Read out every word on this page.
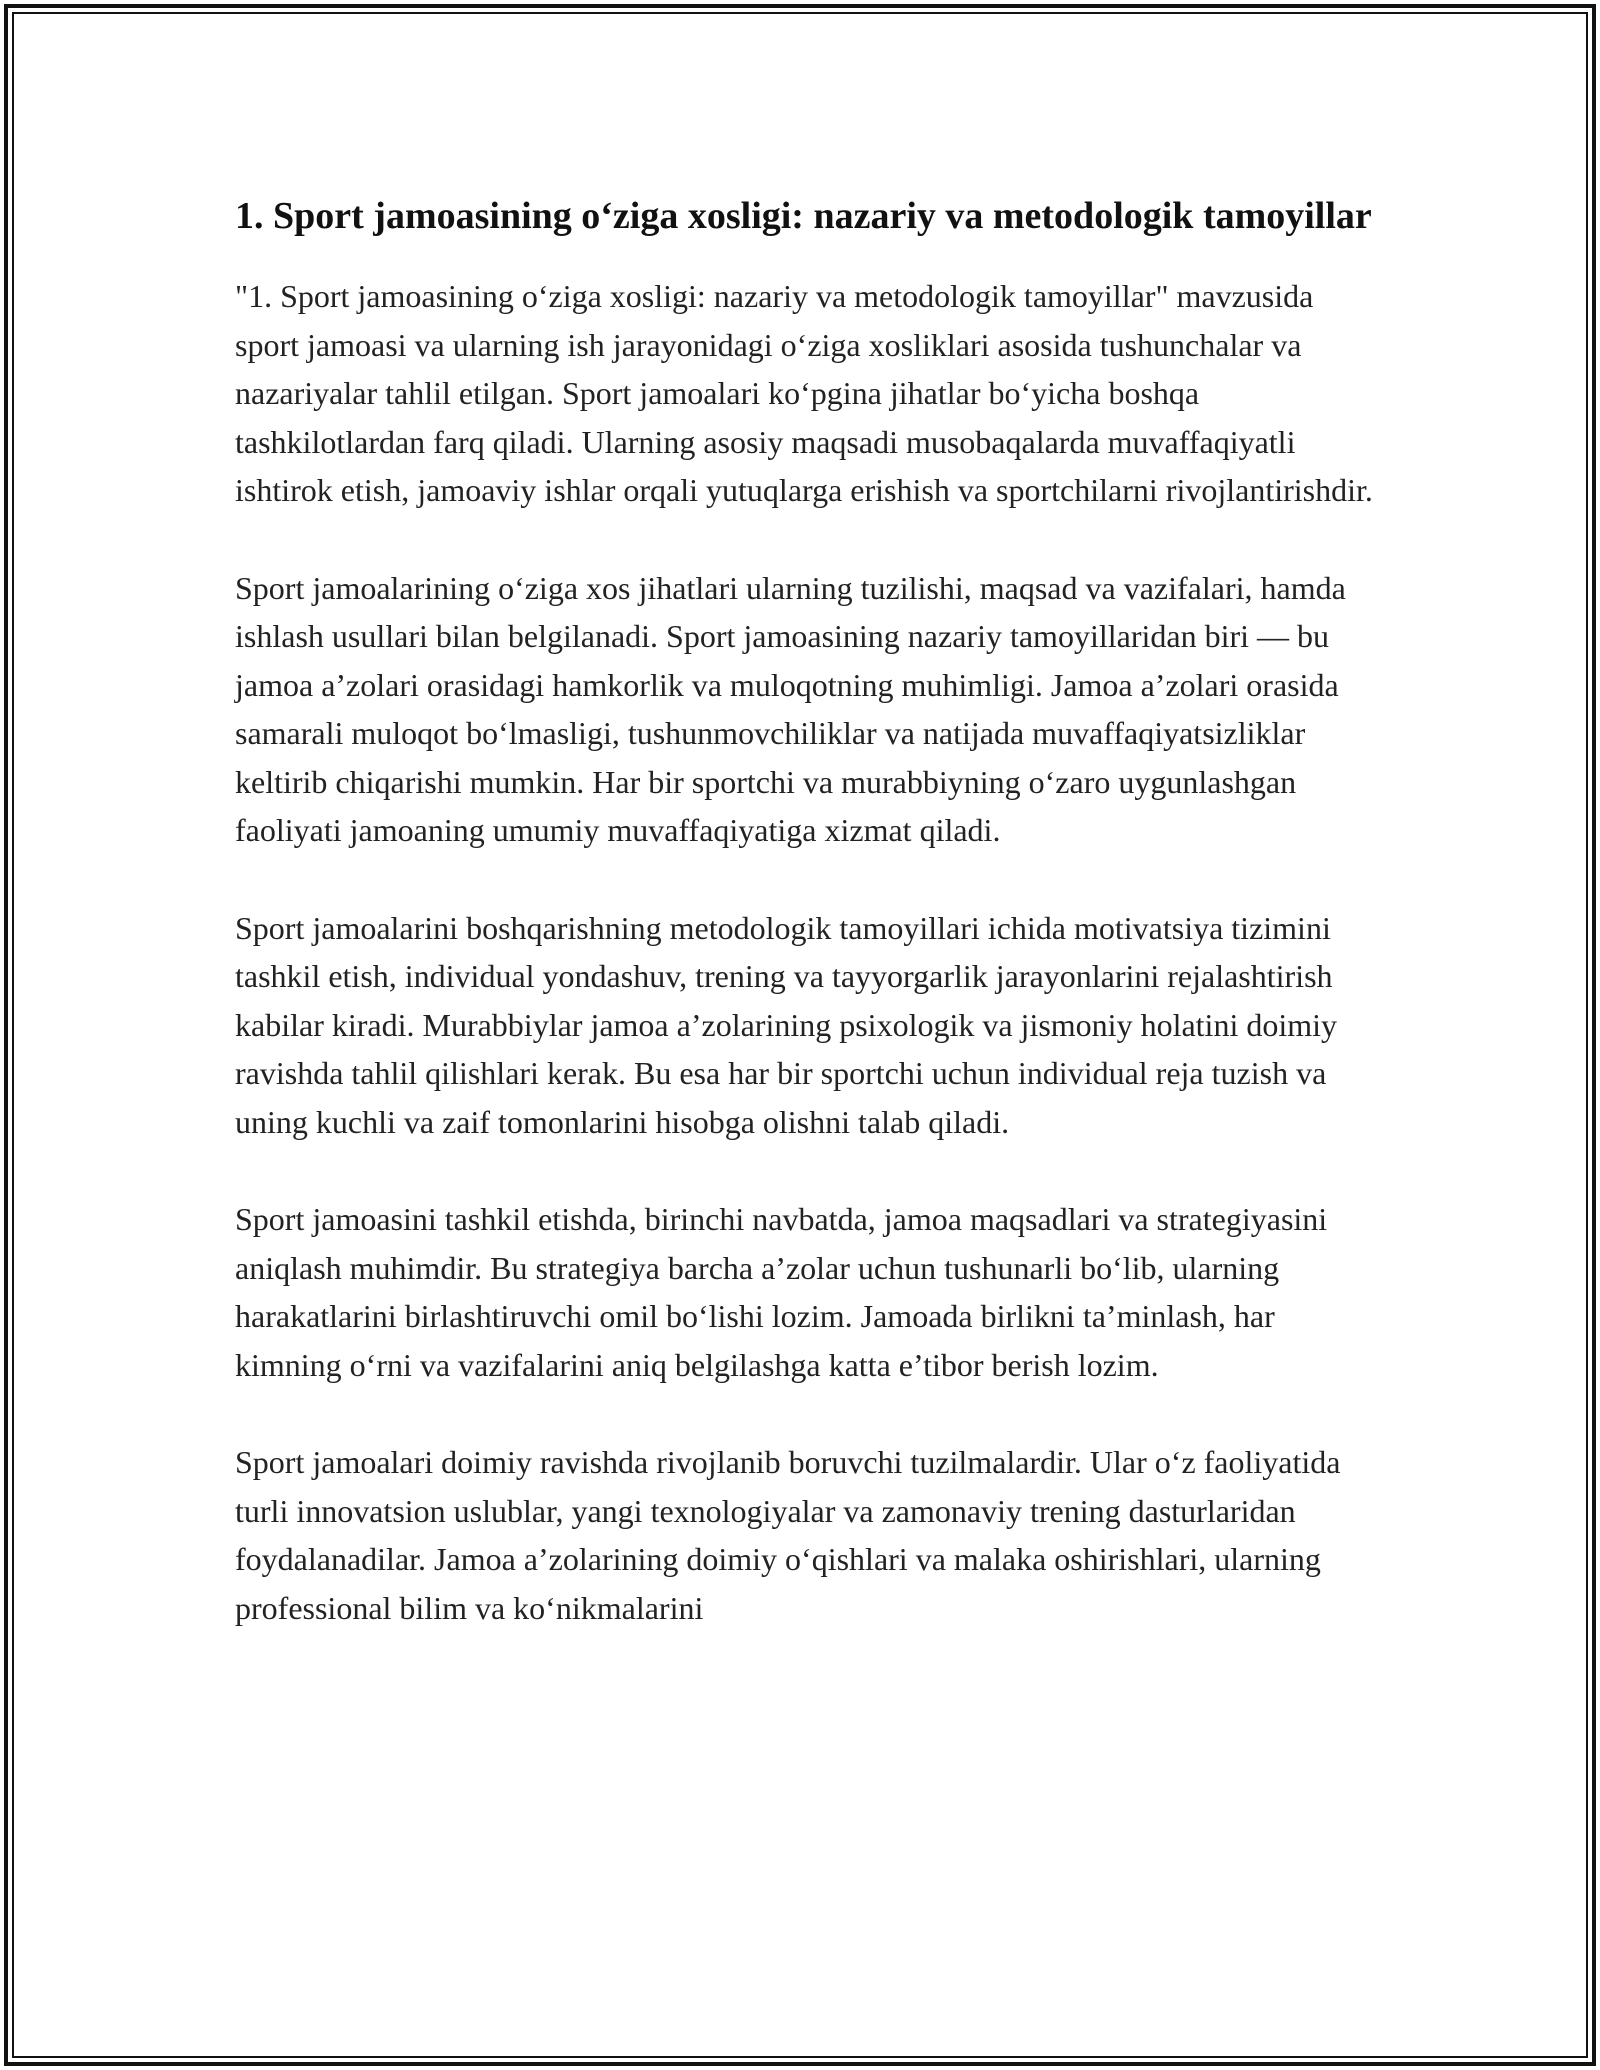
1. Sport jamoasining o‘ziga xosligi: nazariy va metodologik tamoyillar

"1. Sport jamoasining o‘ziga xosligi: nazariy va metodologik tamoyillar" mavzusida sport jamoasi va ularning ish jarayonidagi o‘ziga xosliklari asosida tushunchalar va nazariyalar tahlil etilgan. Sport jamoalari ko‘pgina jihatlar bo‘yicha boshqa tashkilotlardan farq qiladi. Ularning asosiy maqsadi musobaqalarda muvaffaqiyatli ishtirok etish, jamoaviy ishlar orqali yutuqlarga erishish va sportchilarni rivojlantirishdir.

Sport jamoalarining o‘ziga xos jihatlari ularning tuzilishi, maqsad va vazifalari, hamda ishlash usullari bilan belgilanadi. Sport jamoasining nazariy tamoyillaridan biri — bu jamoa a’zolari orasidagi hamkorlik va muloqotning muhimligi. Jamoa a’zolari orasida samarali muloqot bo‘lmasligi, tushunmovchiliklar va natijada muvaffaqiyatsizliklar keltirib chiqarishi mumkin. Har bir sportchi va murabbiyning o‘zaro uygunlashgan faoliyati jamoaning umumiy muvaffaqiyatiga xizmat qiladi.

Sport jamoalarini boshqarishning metodologik tamoyillari ichida motivatsiya tizimini tashkil etish, individual yondashuv, trening va tayyorgarlik jarayonlarini rejalashtirish kabilar kiradi. Murabbiylar jamoa a’zolarining psixologik va jismoniy holatini doimiy ravishda tahlil qilishlari kerak. Bu esa har bir sportchi uchun individual reja tuzish va uning kuchli va zaif tomonlarini hisobga olishni talab qiladi.

Sport jamoasini tashkil etishda, birinchi navbatda, jamoa maqsadlari va strategiyasini aniqlash muhimdir. Bu strategiya barcha a’zolar uchun tushunarli bo‘lib, ularning harakatlarini birlashtiruvchi omil bo‘lishi lozim. Jamoada birlikni ta’minlash, har kimning o‘rni va vazifalarini aniq belgilashga katta e’tibor berish lozim.

Sport jamoalari doimiy ravishda rivojlanib boruvchi tuzilmalardir. Ular o‘z faoliyatida turli innovatsion uslublar, yangi texnologiyalar va zamonaviy trening dasturlaridan foydalanadilar. Jamoa a’zolarining doimiy o‘qishlari va malaka oshirishlari, ularning professional bilim va ko‘nikmalarini
